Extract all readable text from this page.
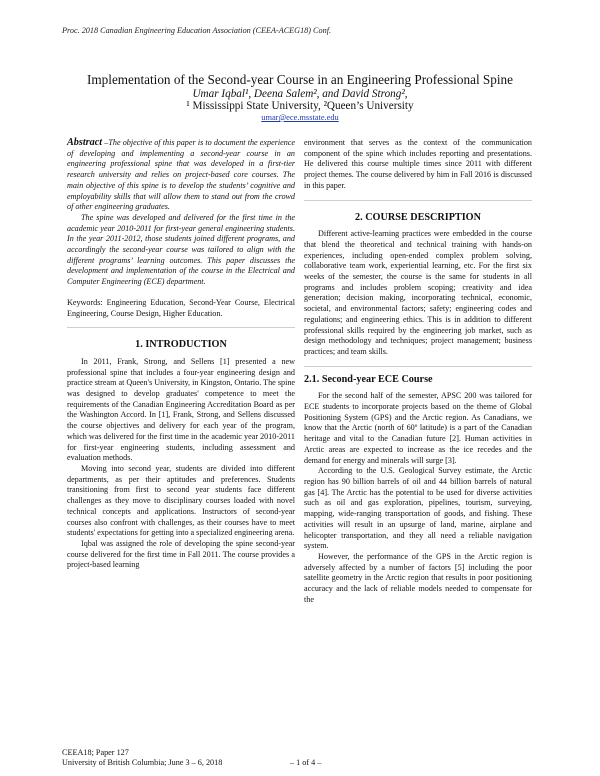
Proc. 2018 Canadian Engineering Education Association (CEEA-ACEG18) Conf.

Implementation of the Second-year Course in an Engineering Professional Spine

Umar Iqbal¹, Deena Salem², and David Strong²,

¹ Mississippi State University, ²Queen’s University

umar@ece.msstate.edu

Abstract –The objective of this paper is to document the experience of developing and implementing a second-year course in an engineering professional spine that was developed in a first-tier research university and relies on project-based core courses. The main objective of this spine is to develop the students’ cognitive and employability skills that will allow them to stand out from the crowd of other engineering graduates.

The spine was developed and delivered for the first time in the academic year 2010-2011 for first-year general engineering students. In the year 2011-2012, those students joined different programs, and accordingly the second-year course was tailored to align with the different programs’ learning outcomes. This paper discusses the development and implementation of the course in the Electrical and Computer Engineering (ECE) department.

Keywords: Engineering Education, Second-Year Course, Electrical Engineering, Course Design, Higher Education.

1. INTRODUCTION

In 2011, Frank, Strong, and Sellens [1] presented a new professional spine that includes a four-year engineering design and practice stream at Queen's University, in Kingston, Ontario. The spine was designed to develop graduates' competence to meet the requirements of the Canadian Engineering Accreditation Board as per the Washington Accord. In [1], Frank, Strong, and Sellens discussed the course objectives and delivery for each year of the program, which was delivered for the first time in the academic year 2010-2011 for first-year engineering students, including assessment and evaluation methods.

Moving into second year, students are divided into different departments, as per their aptitudes and preferences. Students transitioning from first to second year students face different challenges as they move to disciplinary courses loaded with novel technical concepts and applications. Instructors of second-year courses also confront with challenges, as their courses have to meet students' expectations for getting into a specialized engineering arena.

Iqbal was assigned the role of developing the spine second-year course delivered for the first time in Fall 2011. The course provides a project-based learning

environment that serves as the context of the communication component of the spine which includes reporting and presentations. He delivered this course multiple times since 2011 with different project themes. The course delivered by him in Fall 2016 is discussed in this paper.

2. COURSE DESCRIPTION

Different active-learning practices were embedded in the course that blend the theoretical and technical training with hands-on experiences, including open-ended complex problem solving, collaborative team work, experiential learning, etc. For the first six weeks of the semester, the course is the same for students in all programs and includes problem scoping; creativity and idea generation; decision making, incorporating technical, economic, societal, and environmental factors; safety; engineering codes and regulations; and engineering ethics. This is in addition to different professional skills required by the engineering job market, such as design methodology and techniques; project management; business practices; and team skills.

2.1. Second-year ECE Course

For the second half of the semester, APSC 200 was tailored for ECE students to incorporate projects based on the theme of Global Positioning System (GPS) and the Arctic region. As Canadians, we know that the Arctic (north of 60º latitude) is a part of the Canadian heritage and vital to the Canadian future [2]. Human activities in Arctic areas are expected to increase as the ice recedes and the demand for energy and minerals will surge [3].

According to the U.S. Geological Survey estimate, the Arctic region has 90 billion barrels of oil and 44 billion barrels of natural gas [4]. The Arctic has the potential to be used for diverse activities such as oil and gas exploration, pipelines, tourism, surveying, mapping, wide-ranging transportation of goods, and fishing. These activities will result in an upsurge of land, marine, airplane and helicopter transportation, and they all need a reliable navigation system.

However, the performance of the GPS in the Arctic region is adversely affected by a number of factors [5] including the poor satellite geometry in the Arctic region that results in poor positioning accuracy and the lack of reliable models needed to compensate for the

CEEA18; Paper 127
University of British Columbia; June 3 – 6, 2018	– 1 of 4 –
